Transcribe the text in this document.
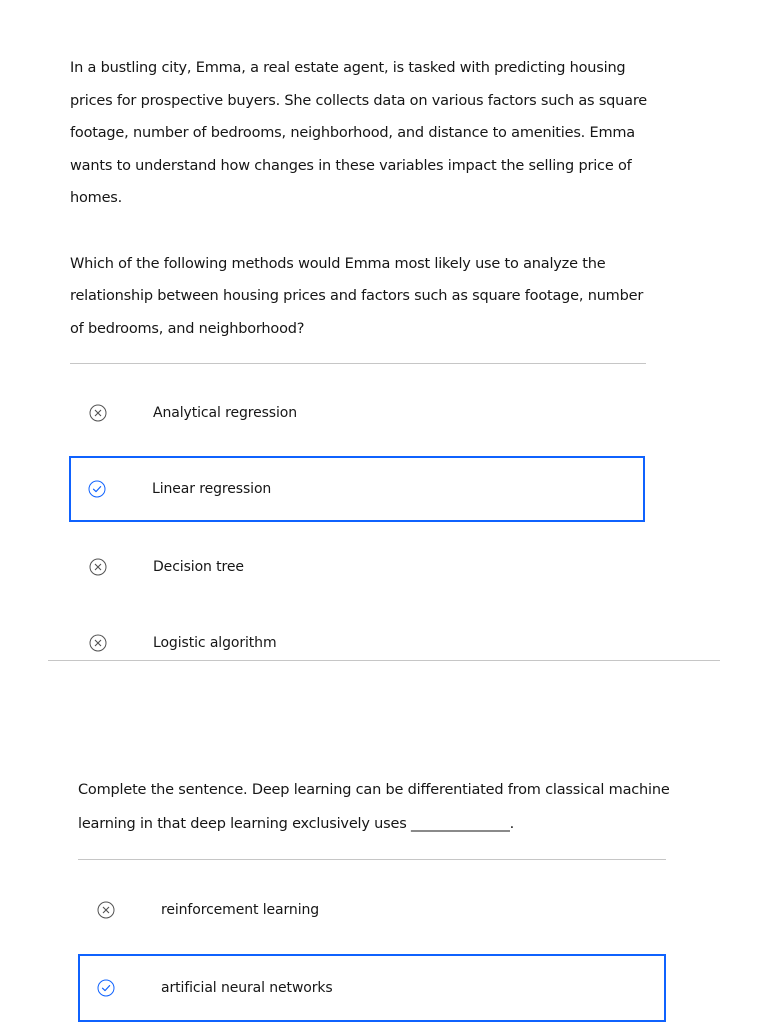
In a bustling city, Emma, a real estate agent, is tasked with predicting housing prices for prospective buyers. She collects data on various factors such as square footage, number of bedrooms, neighborhood, and distance to amenities. Emma wants to understand how changes in these variables impact the selling price of homes.

Which of the following methods would Emma most likely use to analyze the relationship between housing prices and factors such as square footage, number of bedrooms, and neighborhood?

Analytical regression
Linear regression
Decision tree
Logistic algorithm

Complete the sentence. Deep learning can be differentiated from classical machine learning in that deep learning exclusively uses ______________.

reinforcement learning
artificial neural networks
